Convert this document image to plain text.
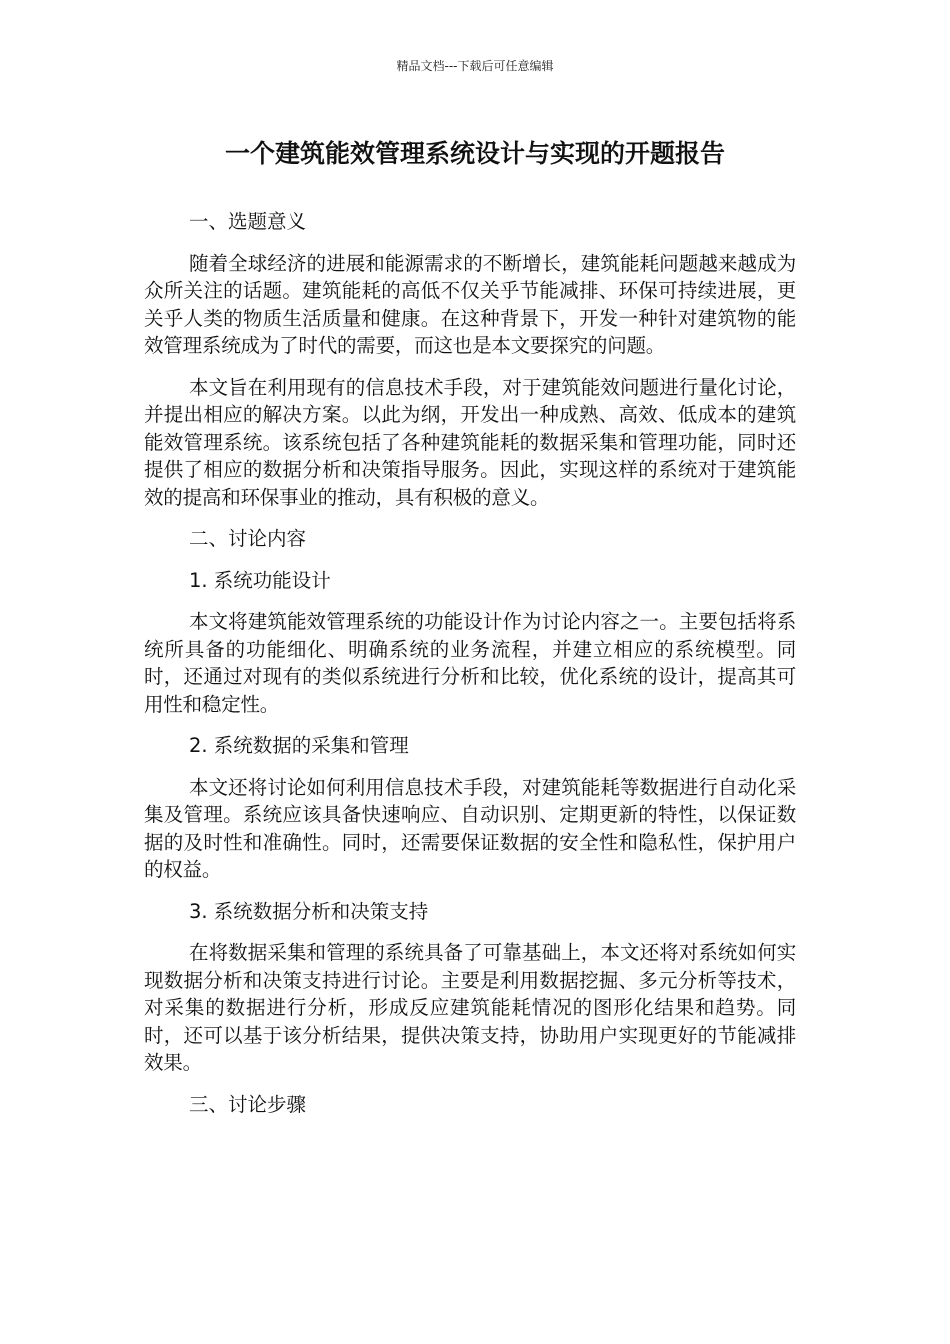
精品文档---下载后可任意编辑
一个建筑能效管理系统设计与实现的开题报告

一、选题意义

随着全球经济的进展和能源需求的不断增长，建筑能耗问题越来越成为众所关注的话题。建筑能耗的高低不仅关乎节能减排、环保可持续进展，更关乎人类的物质生活质量和健康。在这种背景下，开发一种针对建筑物的能效管理系统成为了时代的需要，而这也是本文要探究的问题。

本文旨在利用现有的信息技术手段，对于建筑能效问题进行量化讨论，并提出相应的解决方案。以此为纲，开发出一种成熟、高效、低成本的建筑能效管理系统。该系统包括了各种建筑能耗的数据采集和管理功能，同时还提供了相应的数据分析和决策指导服务。因此，实现这样的系统对于建筑能效的提高和环保事业的推动，具有积极的意义。

二、讨论内容

1. 系统功能设计

本文将建筑能效管理系统的功能设计作为讨论内容之一。主要包括将系统所具备的功能细化、明确系统的业务流程，并建立相应的系统模型。同时，还通过对现有的类似系统进行分析和比较，优化系统的设计，提高其可用性和稳定性。

2. 系统数据的采集和管理

本文还将讨论如何利用信息技术手段，对建筑能耗等数据进行自动化采集及管理。系统应该具备快速响应、自动识别、定期更新的特性，以保证数据的及时性和准确性。同时，还需要保证数据的安全性和隐私性，保护用户的权益。

3. 系统数据分析和决策支持

在将数据采集和管理的系统具备了可靠基础上，本文还将对系统如何实现数据分析和决策支持进行讨论。主要是利用数据挖掘、多元分析等技术，对采集的数据进行分析，形成反应建筑能耗情况的图形化结果和趋势。同时，还可以基于该分析结果，提供决策支持，协助用户实现更好的节能减排效果。

三、讨论步骤
